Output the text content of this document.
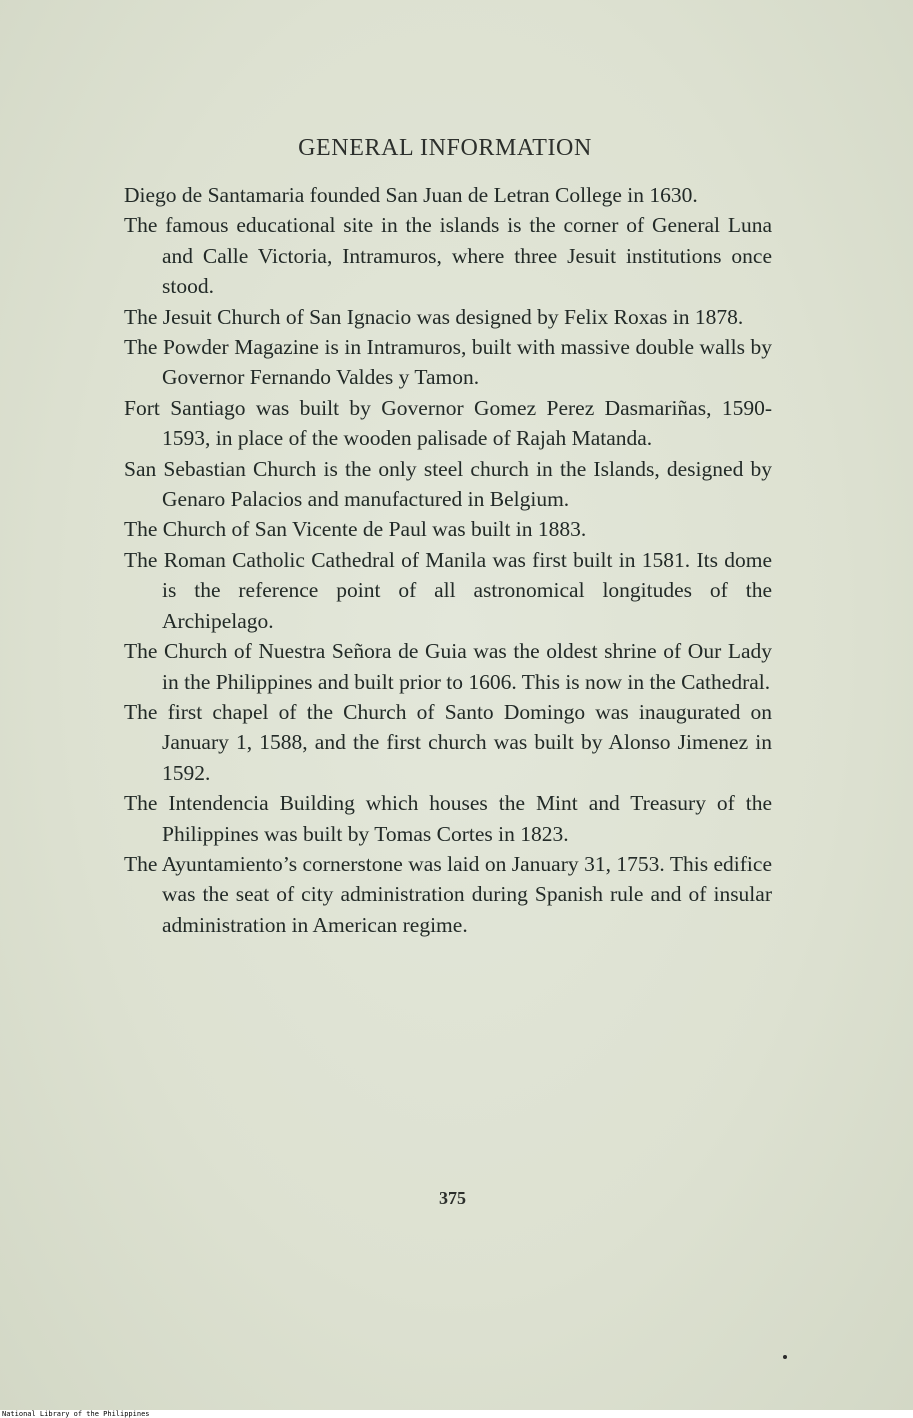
GENERAL INFORMATION
Diego de Santamaria founded San Juan de Letran College in 1630.
The famous educational site in the islands is the corner of General Luna and Calle Victoria, Intramuros, where three Jesuit institutions once stood.
The Jesuit Church of San Ignacio was designed by Felix Roxas in 1878.
The Powder Magazine is in Intramuros, built with massive double walls by Governor Fernando Valdes y Tamon.
Fort Santiago was built by Governor Gomez Perez Dasmariñas, 1590-1593, in place of the wooden palisade of Rajah Matanda.
San Sebastian Church is the only steel church in the Islands, designed by Genaro Palacios and manufactured in Belgium.
The Church of San Vicente de Paul was built in 1883.
The Roman Catholic Cathedral of Manila was first built in 1581. Its dome is the reference point of all astronomical longitudes of the Archipelago.
The Church of Nuestra Señora de Guia was the oldest shrine of Our Lady in the Philippines and built prior to 1606. This is now in the Cathedral.
The first chapel of the Church of Santo Domingo was inaugurated on January 1, 1588, and the first church was built by Alonso Jimenez in 1592.
The Intendencia Building which houses the Mint and Treasury of the Philippines was built by Tomas Cortes in 1823.
The Ayuntamiento’s cornerstone was laid on January 31, 1753. This edifice was the seat of city administration during Spanish rule and of insular administration in American regime.
375
National Library of the Philippines
